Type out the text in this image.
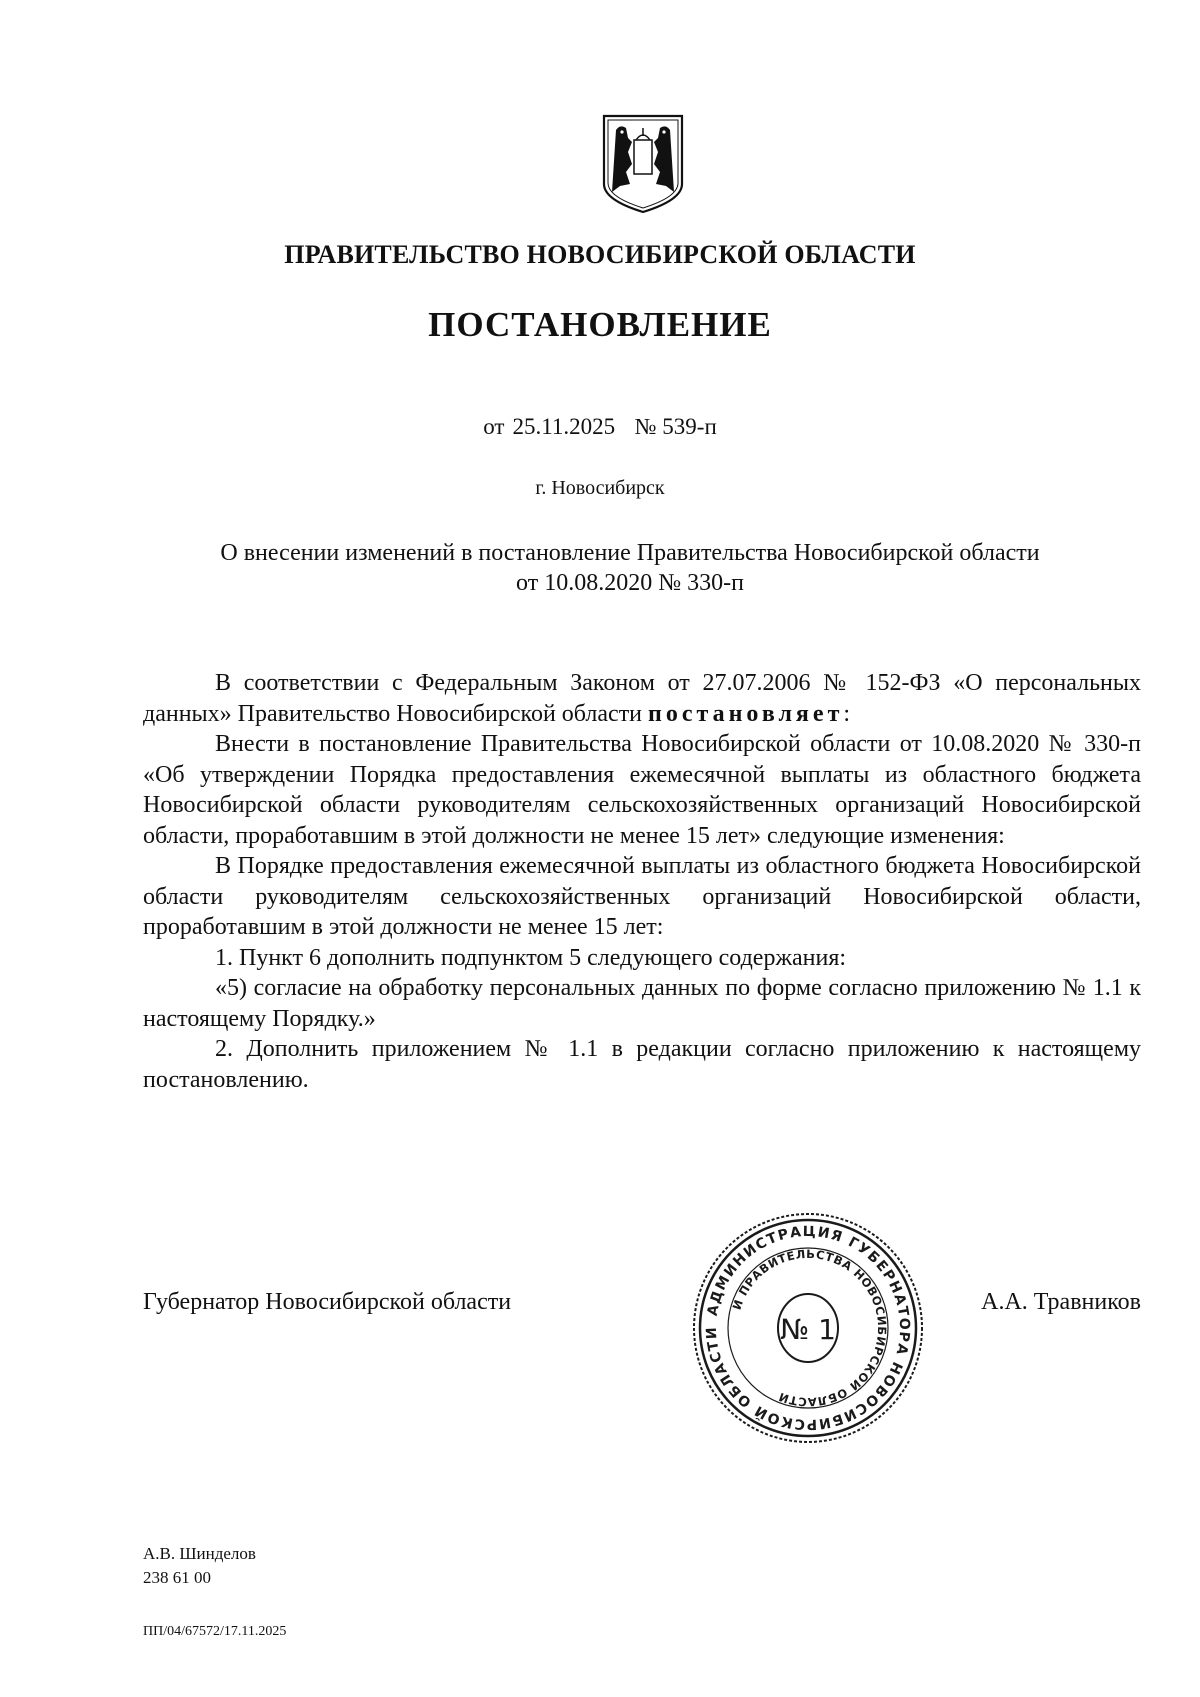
ПРАВИТЕЛЬСТВО НОВОСИБИРСКОЙ ОБЛАСТИ
ПОСТАНОВЛЕНИЕ
от 25.11.2025 № 539-п
г. Новосибирск
О внесении изменений в постановление Правительства Новосибирской области
от 10.08.2020 № 330-п

В соответствии с Федеральным Законом от 27.07.2006 № 152-ФЗ «О персональных данных» Правительство Новосибирской области постановляет:

Внести в постановление Правительства Новосибирской области от 10.08.2020 № 330-п «Об утверждении Порядка предоставления ежемесячной выплаты из областного бюджета Новосибирской области руководителям сельскохозяйственных организаций Новосибирской области, проработавшим в этой должности не менее 15 лет» следующие изменения:

В Порядке предоставления ежемесячной выплаты из областного бюджета Новосибирской области руководителям сельскохозяйственных организаций Новосибирской области, проработавшим в этой должности не менее 15 лет:

1. Пункт 6 дополнить подпунктом 5 следующего содержания:

«5) согласие на обработку персональных данных по форме согласно приложению № 1.1 к настоящему Порядку.»

2. Дополнить приложением № 1.1 в редакции согласно приложению к настоящему постановлению.

Губернатор Новосибирской области	АДМИНИСТРАЦИЯ ГУБЕРНАТОРА НОВОСИБИРСКОЙ ОБЛАСТИ
И ПРАВИТЕЛЬСТВА НОВОСИБИРСКОЙ ОБЛАСТИ
№ 1
А.А. Травников
А.В. Шинделов
238 61 00
ПП/04/67572/17.11.2025
